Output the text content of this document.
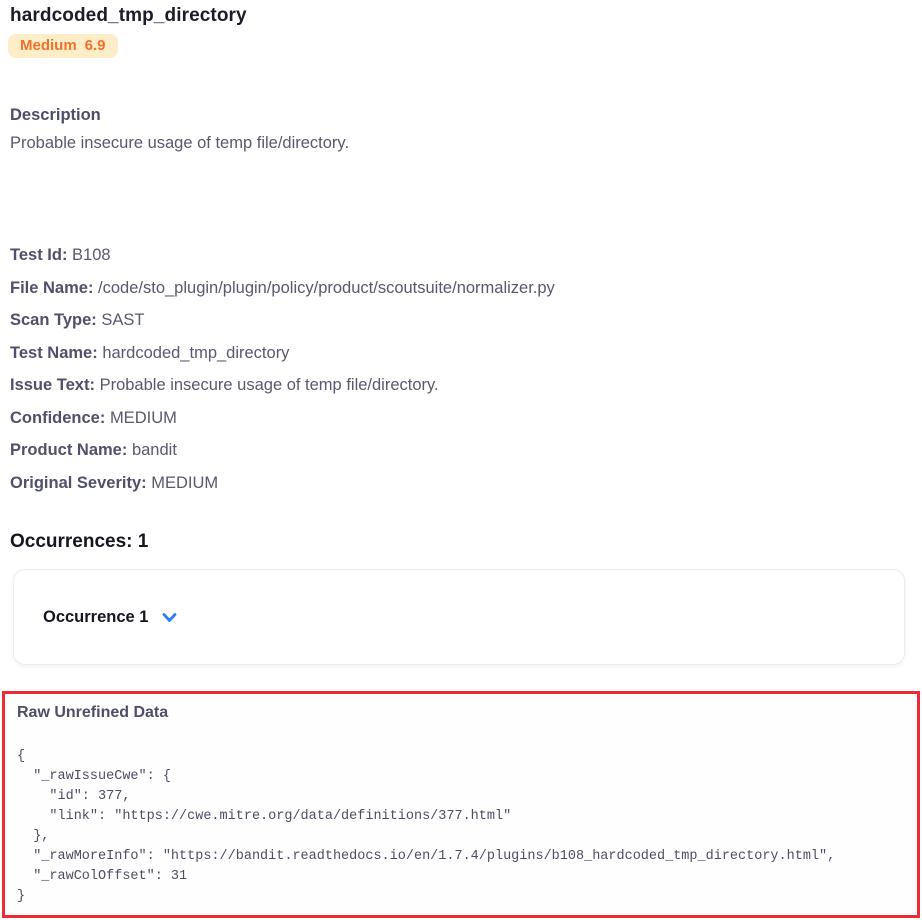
hardcoded_tmp_directory
Medium 6.9
Description
Probable insecure usage of temp file/directory.
Test Id: B108
File Name: /code/sto_plugin/plugin/policy/product/scoutsuite/normalizer.py
Scan Type: SAST
Test Name: hardcoded_tmp_directory
Issue Text: Probable insecure usage of temp file/directory.
Confidence: MEDIUM
Product Name: bandit
Original Severity: MEDIUM
Occurrences: 1
Occurrence 1
Raw Unrefined Data
{
"_rawIssueCwe": {
"id": 377,
"link": "https://cwe.mitre.org/data/definitions/377.html"
},
"_rawMoreInfo": "https://bandit.readthedocs.io/en/1.7.4/plugins/b108_hardcoded_tmp_directory.html",
"_rawColOffset": 31
}
